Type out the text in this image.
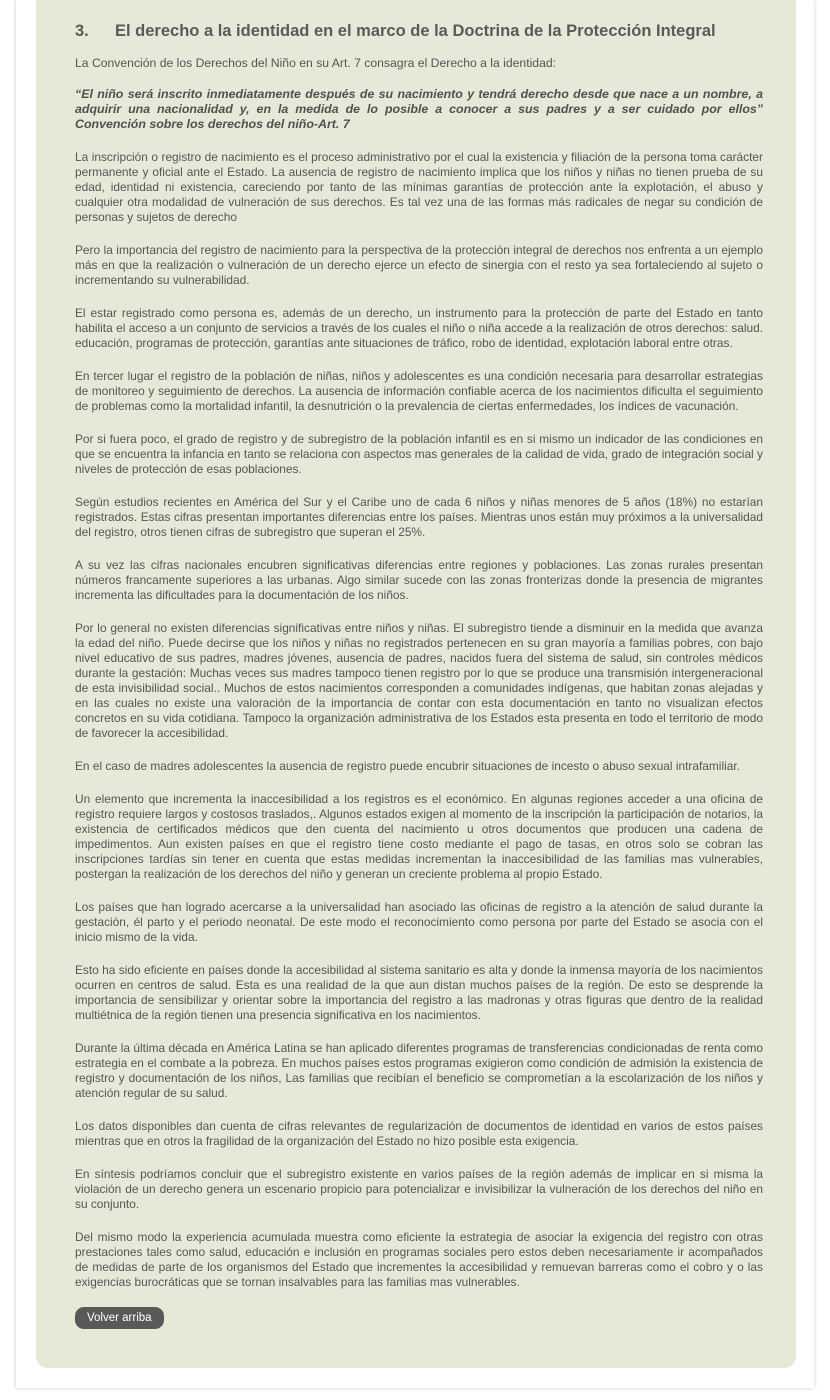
3. El derecho a la identidad en el marco de la Doctrina de la Protección Integral

La Convención de los Derechos del Niño en su Art. 7 consagra el Derecho a la identidad:

“El niño será inscrito inmediatamente después de su nacimiento y tendrá derecho desde que nace a un nombre, a adquirir una nacionalidad y, en la medida de lo posible a conocer a sus padres y a ser cuidado por ellos” Convención sobre los derechos del niño-Art. 7

La inscripción o registro de nacimiento es el proceso administrativo por el cual la existencia y filiación de la persona toma carácter permanente y oficial ante el Estado. La ausencia de registro de nacimiento implica que los niños y niñas no tienen prueba de su edad, identidad ni existencia, careciendo por tanto de las mínimas garantías de protección ante la explotación, el abuso y cualquier otra modalidad de vulneración de sus derechos. Es tal vez una de las formas más radicales de negar su condición de personas y sujetos de derecho

Pero la importancia del registro de nacimiento para la perspectiva de la protección integral de derechos nos enfrenta a un ejemplo más en que la realización o vulneración de un derecho ejerce un efecto de sinergia con el resto ya sea fortaleciendo al sujeto o incrementando su vulnerabilidad.

El estar registrado como persona es, además de un derecho, un instrumento para la protección de parte del Estado en tanto habilita el acceso a un conjunto de servicios a través de los cuales el niño o niña accede a la realización de otros derechos: salud. educación, programas de protección, garantías ante situaciones de tráfico, robo de identidad, explotación laboral entre otras.

En tercer lugar el registro de la población de niñas, niños y adolescentes es una condición necesaria para desarrollar estrategias de monitoreo y seguimiento de derechos. La ausencia de información confiable acerca de los nacimientos dificulta el seguimiento de problemas como la mortalidad infantil, la desnutrición o la prevalencia de ciertas enfermedades, los índices de vacunación.

Por si fuera poco, el grado de registro y de subregistro de la población infantil es en si mismo un indicador de las condiciones en que se encuentra la infancia en tanto se relaciona con aspectos mas generales de la calidad de vida, grado de integración social y niveles de protección de esas poblaciones.

Según estudios recientes en América del Sur y el Caribe uno de cada 6 niños y niñas menores de 5 años (18%) no estarían registrados. Estas cifras presentan importantes diferencias entre los países. Mientras unos están muy próximos a la universalidad del registro, otros tienen cifras de subregistro que superan el 25%.

A su vez las cifras nacionales encubren significativas diferencias entre regiones y poblaciones. Las zonas rurales presentan números francamente superiores a las urbanas. Algo similar sucede con las zonas fronterizas donde la presencia de migrantes incrementa las dificultades para la documentación de los niños.

Por lo general no existen diferencias significativas entre niños y niñas. El subregistro tiende a disminuir en la medida que avanza la edad del niño. Puede decirse que los niños y niñas no registrados pertenecen en su gran mayoría a familias pobres, con bajo nivel educativo de sus padres, madres jóvenes, ausencia de padres, nacidos fuera del sistema de salud, sin controles médicos durante la gestación: Muchas veces sus madres tampoco tienen registro por lo que se produce una transmisión intergeneracional de esta invisibilidad social.. Muchos de estos nacimientos corresponden a comunidades indígenas, que habitan zonas alejadas y en las cuales no existe una valoración de la importancia de contar con esta documentación en tanto no visualizan efectos concretos en su vida cotidiana. Tampoco la organización administrativa de los Estados esta presenta en todo el territorio de modo de favorecer la accesibilidad.

En el caso de madres adolescentes la ausencia de registro puede encubrir situaciones de incesto o abuso sexual intrafamiliar.

Un elemento que incrementa la inaccesibilidad a los registros es el económico. En algunas regiones acceder a una oficina de registro requiere largos y costosos traslados,. Algunos estados exigen al momento de la inscripción la participación de notarios, la existencia de certificados médicos que den cuenta del nacimiento u otros documentos que producen una cadena de impedimentos. Aun existen países en que el registro tiene costo mediante el pago de tasas, en otros solo se cobran las inscripciones tardías sin tener en cuenta que estas medidas incrementan la inaccesibilidad de las familias mas vulnerables, postergan la realización de los derechos del niño y generan un creciente problema al propio Estado.

Los países que han logrado acercarse a la universalidad han asociado las oficinas de registro a la atención de salud durante la gestación, él parto y el periodo neonatal. De este modo el reconocimiento como persona por parte del Estado se asocia con el inicio mismo de la vida.

Esto ha sido eficiente en países donde la accesibilidad al sistema sanitario es alta y donde la inmensa mayoría de los nacimientos ocurren en centros de salud. Esta es una realidad de la que aun distan muchos países de la región. De esto se desprende la importancia de sensibilizar y orientar sobre la importancia del registro a las madronas y otras figuras que dentro de la realidad multiétnica de la región tienen una presencia significativa en los nacimientos.

Durante la última década en América Latina se han aplicado diferentes programas de transferencias condicionadas de renta como estrategia en el combate a la pobreza. En muchos países estos programas exigieron como condición de admisión la existencia de registro y documentación de los niños, Las familias que recibían el beneficio se comprometían a la escolarización de los niños y atención regular de su salud.

Los datos disponibles dan cuenta de cifras relevantes de regularización de documentos de identidad en varios de estos países mientras que en otros la fragilidad de la organización del Estado no hizo posible esta exigencia.

En síntesis podríamos concluir que el subregistro existente en varios países de la región además de implicar en si misma la violación de un derecho genera un escenario propicio para potencializar e invisibilizar la vulneración de los derechos del niño en su conjunto.

Del mismo modo la experiencia acumulada muestra como eficiente la estrategia de asociar la exigencia del registro con otras prestaciones tales como salud, educación e inclusión en programas sociales pero estos deben necesariamente ir acompañados de medidas de parte de los organismos del Estado que incrementes la accesibilidad y remuevan barreras como el cobro y o las exigencias burocráticas que se tornan insalvables para las familias mas vulnerables.

Volver arriba
